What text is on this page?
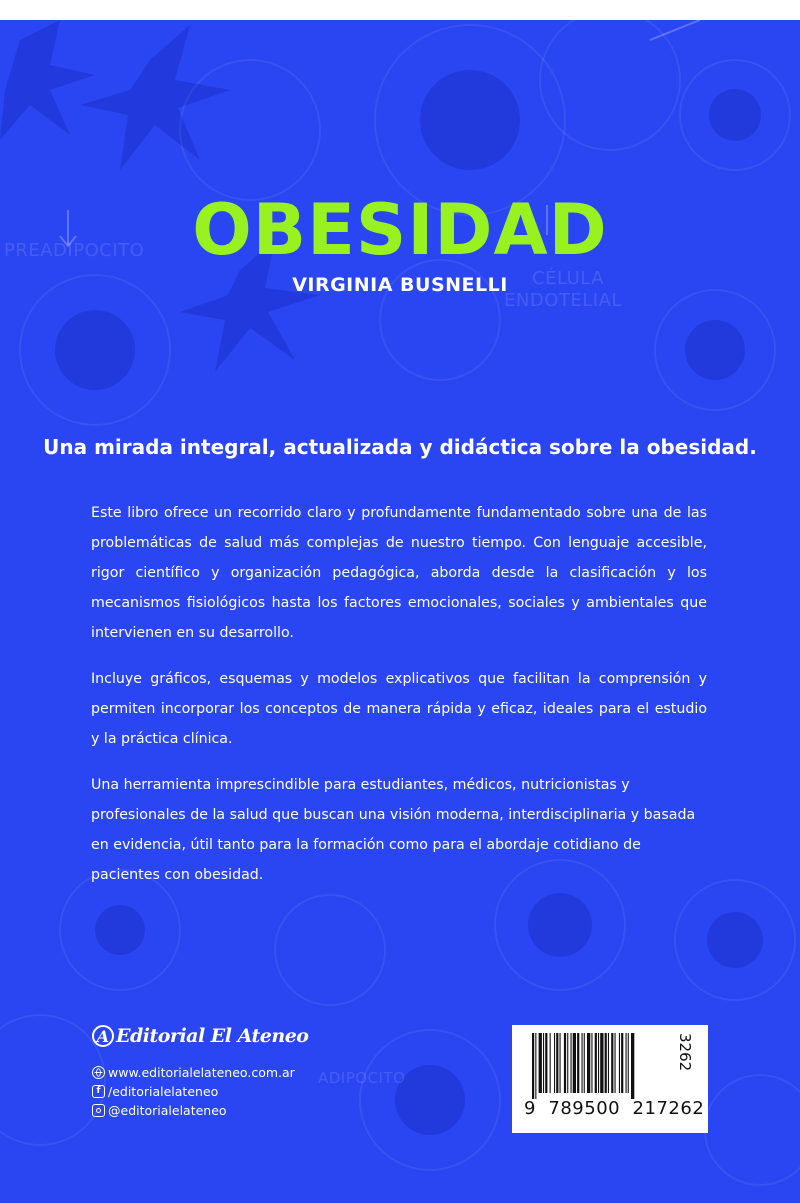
PREADIPOCITO
CÉLULA
ENDOTELIAL
ADIPOCITO
OBESIDAD
VIRGINIA BUSNELLI
Una mirada integral, actualizada y didáctica sobre la obesidad.

Este libro ofrece un recorrido claro y profundamente fundamentado sobre una de las problemáticas de salud más complejas de nuestro tiempo. Con lenguaje accesible, rigor científico y organización pedagógica, aborda desde la clasificación y los mecanismos fisiológicos hasta los factores emocionales, sociales y ambientales que intervienen en su desarrollo.

Incluye gráficos, esquemas y modelos explicativos que facilitan la comprensión y permiten incorporar los conceptos de manera rápida y eficaz, ideales para el estudio y la práctica clínica.

Una herramienta imprescindible para estudiantes, médicos, nutricionistas y profesionales de la salud que buscan una visión moderna, interdisciplinaria y basada en evidencia, útil tanto para la formación como para el abordaje cotidiano de pacientes con obesidad.

A Editorial El Ateneo
www.editorialelateneo.com.ar
f /editorialelateneo
@editorialelateneo	9  789500  217262
3262
